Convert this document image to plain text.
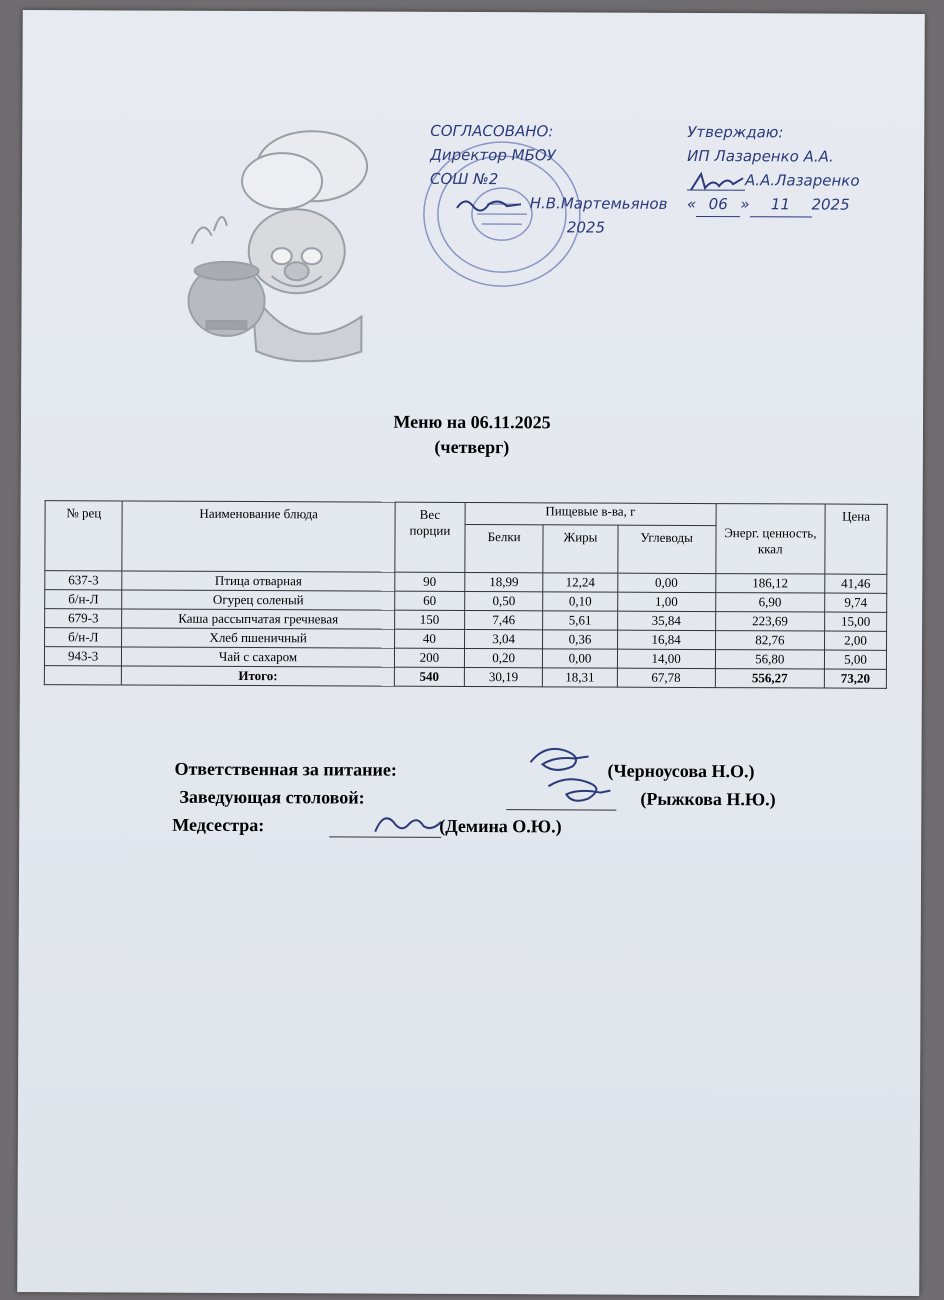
СОГЛАСОВАНО:
Директор МБОУ
СОШ №2
Н.В.Мартемьянов
2025
Утверждаю:
ИП Лазаренко А.А.
А.А.Лазаренко
« 06 » 11 2025
Меню на 06.11.2025
(четверг)
№ рец	Наименование блюда	Вес порции	Пищевые в-ва, г			Энерг. ценность, ккал	Цена
			Белки	Жиры	Углеводы		
637-3	Птица отварная	90	18,99	12,24	0,00	186,12	41,46
б/н-Л	Огурец соленый	60	0,50	0,10	1,00	6,90	9,74
679-3	Каша рассыпчатая гречневая	150	7,46	5,61	35,84	223,69	15,00
б/н-Л	Хлеб пшеничный	40	3,04	0,36	16,84	82,76	2,00
943-3	Чай с сахаром	200	0,20	0,00	14,00	56,80	5,00
	Итого:	540	30,19	18,31	67,78	556,27	73,20
Ответственная за питание:	(Черноусова Н.О.)
Заведующая столовой:	(Рыжкова Н.Ю.)
Медсестра:	(Демина О.Ю.)
